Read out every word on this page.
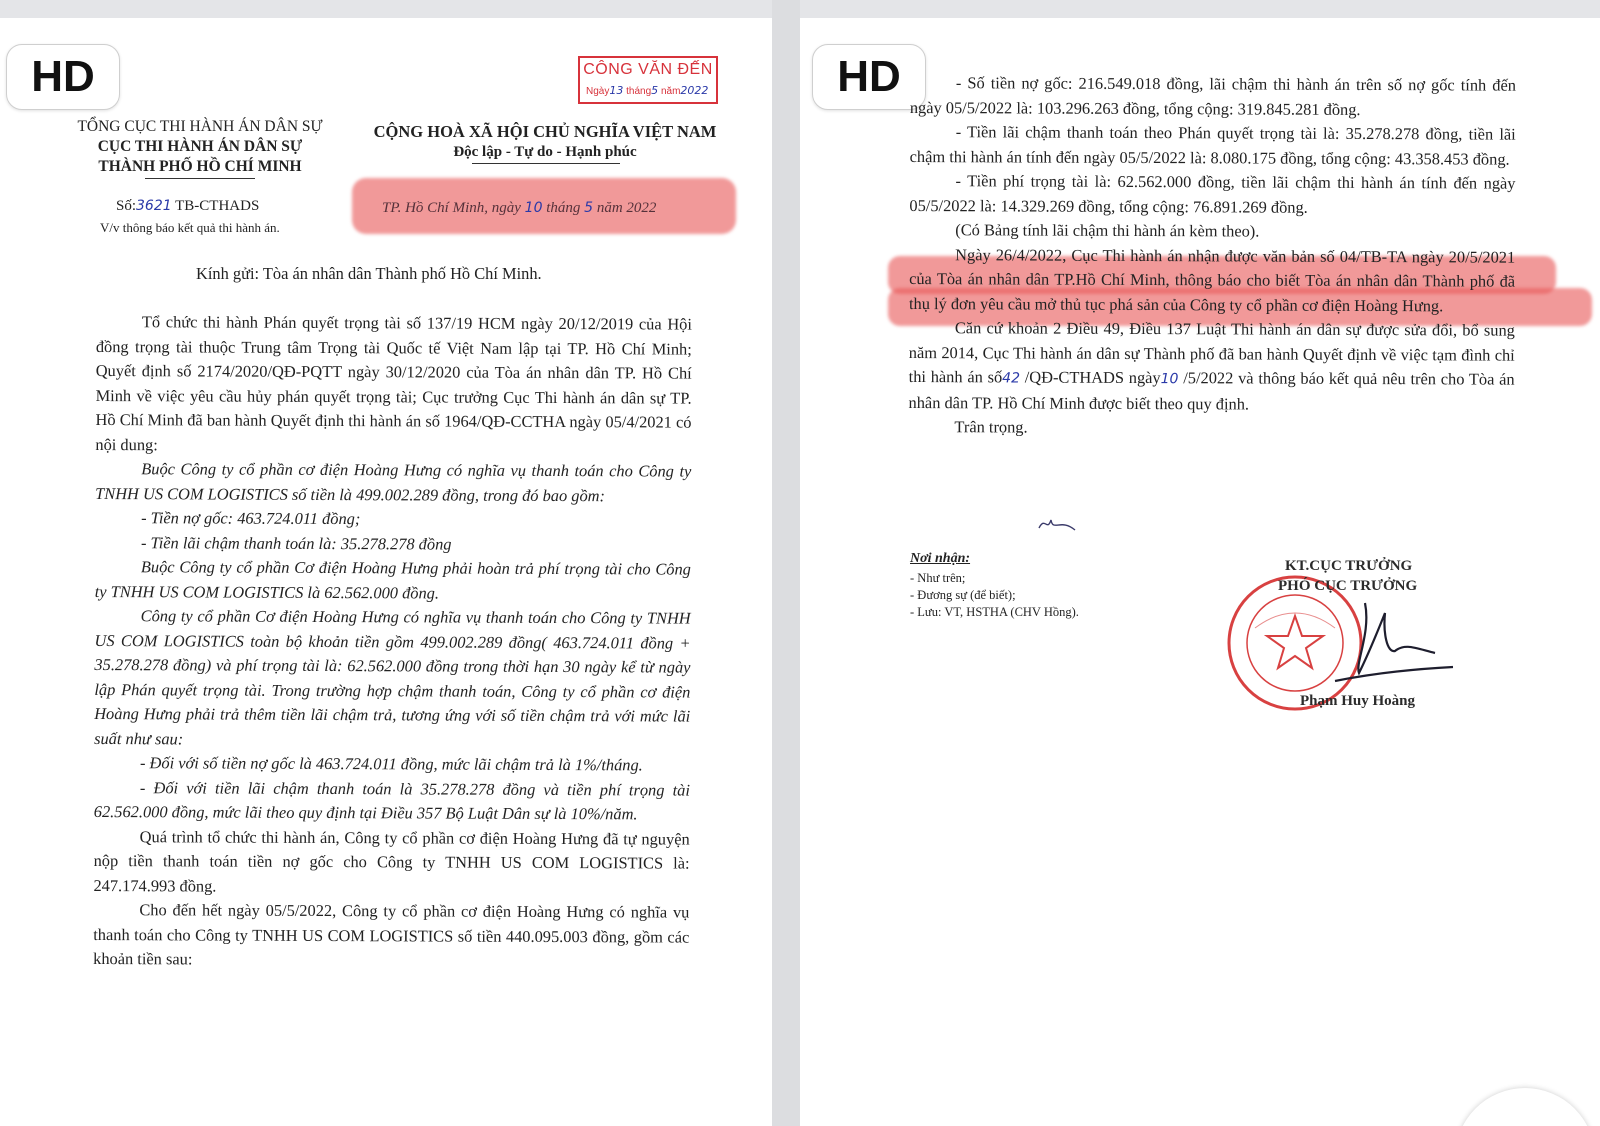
HD	CÔNG VĂN ĐẾN
Ngày13 tháng5 năm2022
TỔNG CỤC THI HÀNH ÁN DÂN SỰ
CỤC THI HÀNH ÁN DÂN SỰ
THÀNH PHỐ HỒ CHÍ MINH
CỘNG HOÀ XÃ HỘI CHỦ NGHĨA VIỆT NAM
Độc lập - Tự do - Hạnh phúc
TP. Hồ Chí Minh, ngày 10 tháng 5 năm 2022
Số:3621 TB-CTHADS
V/v thông báo kết quả thi hành án.
Kính gửi: Tòa án nhân dân Thành phố Hồ Chí Minh.

Tổ chức thi hành Phán quyết trọng tài số 137/19 HCM ngày 20/12/2019 của Hội đồng trọng tài thuộc Trung tâm Trọng tài Quốc tế Việt Nam lập tại TP. Hồ Chí Minh; Quyết định số 2174/2020/QĐ-PQTT ngày 30/12/2020 của Tòa án nhân dân TP. Hồ Chí Minh về việc yêu cầu hủy phán quyết trọng tài; Cục trưởng Cục Thi hành án dân sự TP. Hồ Chí Minh đã ban hành Quyết định thi hành án số 1964/QĐ-CCTHA ngày 05/4/2021 có nội dung:

Buộc Công ty cổ phần cơ điện Hoàng Hưng có nghĩa vụ thanh toán cho Công ty TNHH US COM LOGISTICS số tiền là 499.002.289 đồng, trong đó bao gồm:

- Tiền nợ gốc: 463.724.011 đồng;

- Tiền lãi chậm thanh toán là: 35.278.278 đồng

Buộc Công ty cổ phần Cơ điện Hoàng Hưng phải hoàn trả phí trọng tài cho Công ty TNHH US COM LOGISTICS là 62.562.000 đồng.

Công ty cổ phần Cơ điện Hoàng Hưng có nghĩa vụ thanh toán cho Công ty TNHH US COM LOGISTICS toàn bộ khoản tiền gồm 499.002.289 đồng( 463.724.011 đồng + 35.278.278 đồng) và phí trọng tài là: 62.562.000 đồng trong thời hạn 30 ngày kể từ ngày lập Phán quyết trọng tài. Trong trường hợp chậm thanh toán, Công ty cổ phần cơ điện Hoàng Hưng phải trả thêm tiền lãi chậm trả, tương ứng với số tiền chậm trả với mức lãi suất như sau:

- Đối với số tiền nợ gốc là 463.724.011 đồng, mức lãi chậm trả là 1%/tháng.

- Đối với tiền lãi chậm thanh toán là 35.278.278 đồng và tiền phí trọng tài 62.562.000 đồng, mức lãi theo quy định tại Điều 357 Bộ Luật Dân sự là 10%/năm.

Quá trình tổ chức thi hành án, Công ty cổ phần cơ điện Hoàng Hưng đã tự nguyện nộp tiền thanh toán tiền nợ gốc cho Công ty TNHH US COM LOGISTICS là: 247.174.993 đồng.

Cho đến hết ngày 05/5/2022, Công ty cổ phần cơ điện Hoàng Hưng có nghĩa vụ thanh toán cho Công ty TNHH US COM LOGISTICS số tiền 440.095.003 đồng, gồm các khoản tiền sau:

HD	- Số tiền nợ gốc: 216.549.018 đồng, lãi chậm thi hành án trên số nợ gốc tính đến ngày 05/5/2022 là: 103.296.263 đồng, tổng cộng: 319.845.281 đồng.

- Tiền lãi chậm thanh toán theo Phán quyết trọng tài là: 35.278.278 đồng, tiền lãi chậm thi hành án tính đến ngày 05/5/2022 là: 8.080.175 đồng, tổng cộng: 43.358.453 đồng.

- Tiền phí trọng tài là: 62.562.000 đồng, tiền lãi chậm thi hành án tính đến ngày 05/5/2022 là: 14.329.269 đồng, tổng cộng: 76.891.269 đồng.

(Có Bảng tính lãi chậm thi hành án kèm theo).

Ngày 26/4/2022, Cục Thi hành án nhận được văn bản số 04/TB-TA ngày 20/5/2021 của Tòa án nhân dân TP.Hồ Chí Minh, thông báo cho biết Tòa án nhân dân Thành phố đã thụ lý đơn yêu cầu mở thủ tục phá sản của Công ty cổ phần cơ điện Hoàng Hưng.

Căn cứ khoản 2 Điều 49, Điều 137 Luật Thi hành án dân sự được sửa đổi, bổ sung năm 2014, Cục Thi hành án dân sự Thành phố đã ban hành Quyết định về việc tạm đình chỉ thi hành án số42 /QĐ-CTHADS ngày10 /5/2022 và thông báo kết quả nêu trên cho Tòa án nhân dân TP. Hồ Chí Minh được biết theo quy định.

Trân trọng.

Nơi nhận:
- Như trên;
- Đương sự (để biết);
- Lưu: VT, HSTHA (CHV Hồng).
KT.CỤC TRƯỞNG
PHÓ CỤC TRƯỞNG
Phạm Huy Hoàng
